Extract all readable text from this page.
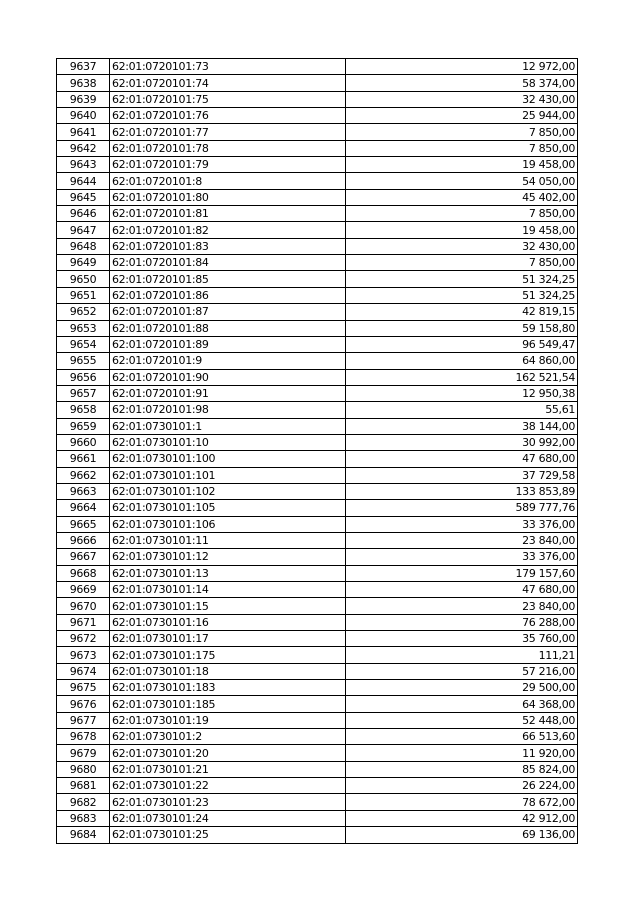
9637	62:01:0720101:73	12 972,00
9638	62:01:0720101:74	58 374,00
9639	62:01:0720101:75	32 430,00
9640	62:01:0720101:76	25 944,00
9641	62:01:0720101:77	7 850,00
9642	62:01:0720101:78	7 850,00
9643	62:01:0720101:79	19 458,00
9644	62:01:0720101:8	54 050,00
9645	62:01:0720101:80	45 402,00
9646	62:01:0720101:81	7 850,00
9647	62:01:0720101:82	19 458,00
9648	62:01:0720101:83	32 430,00
9649	62:01:0720101:84	7 850,00
9650	62:01:0720101:85	51 324,25
9651	62:01:0720101:86	51 324,25
9652	62:01:0720101:87	42 819,15
9653	62:01:0720101:88	59 158,80
9654	62:01:0720101:89	96 549,47
9655	62:01:0720101:9	64 860,00
9656	62:01:0720101:90	162 521,54
9657	62:01:0720101:91	12 950,38
9658	62:01:0720101:98	55,61
9659	62:01:0730101:1	38 144,00
9660	62:01:0730101:10	30 992,00
9661	62:01:0730101:100	47 680,00
9662	62:01:0730101:101	37 729,58
9663	62:01:0730101:102	133 853,89
9664	62:01:0730101:105	589 777,76
9665	62:01:0730101:106	33 376,00
9666	62:01:0730101:11	23 840,00
9667	62:01:0730101:12	33 376,00
9668	62:01:0730101:13	179 157,60
9669	62:01:0730101:14	47 680,00
9670	62:01:0730101:15	23 840,00
9671	62:01:0730101:16	76 288,00
9672	62:01:0730101:17	35 760,00
9673	62:01:0730101:175	111,21
9674	62:01:0730101:18	57 216,00
9675	62:01:0730101:183	29 500,00
9676	62:01:0730101:185	64 368,00
9677	62:01:0730101:19	52 448,00
9678	62:01:0730101:2	66 513,60
9679	62:01:0730101:20	11 920,00
9680	62:01:0730101:21	85 824,00
9681	62:01:0730101:22	26 224,00
9682	62:01:0730101:23	78 672,00
9683	62:01:0730101:24	42 912,00
9684	62:01:0730101:25	69 136,00
